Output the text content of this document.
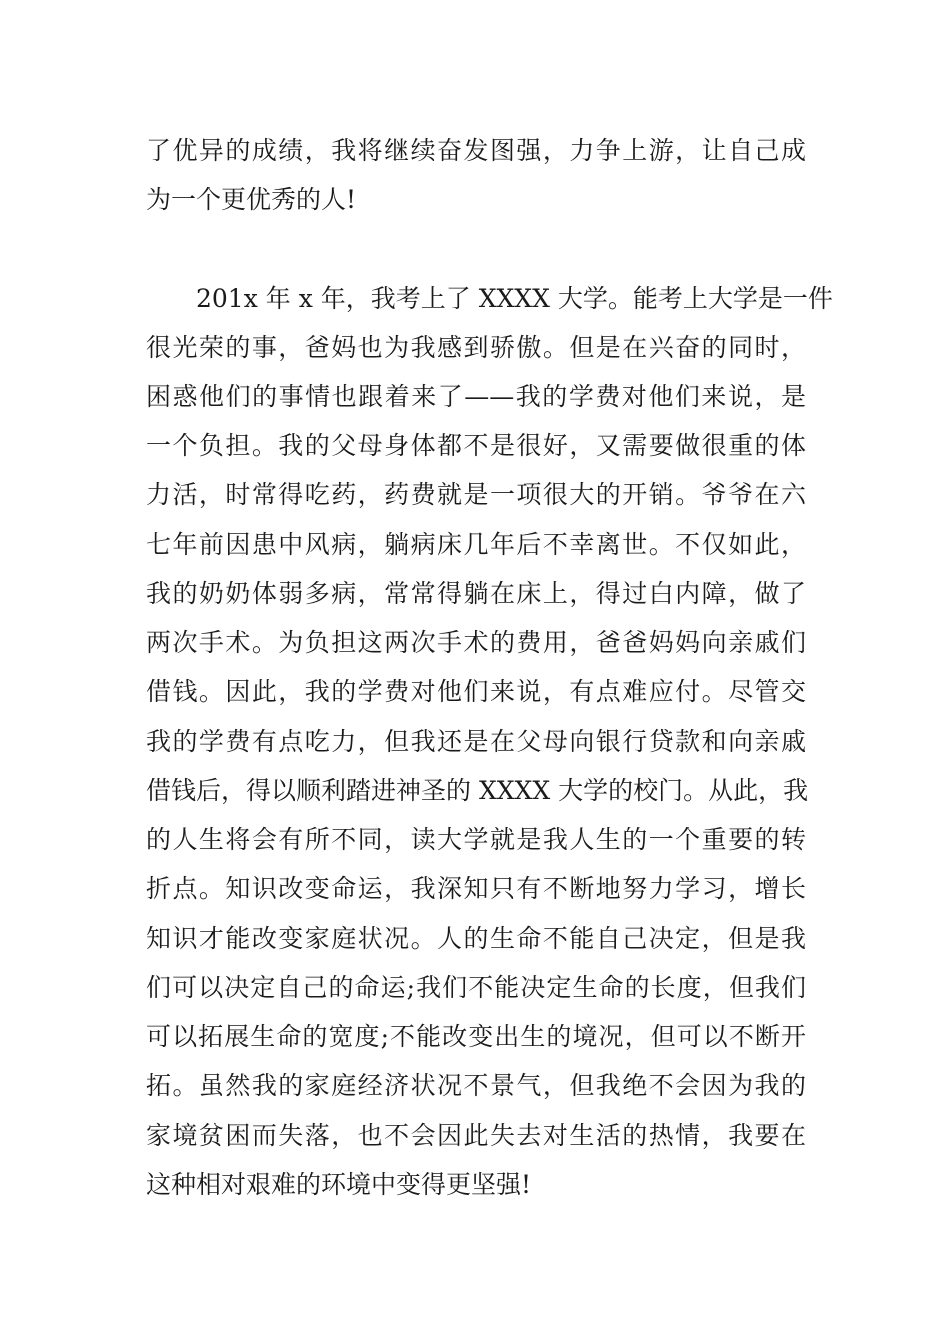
了优异的成绩，我将继续奋发图强，力争上游，让自己成
为一个更优秀的人!
201x 年 x 年，我考上了 XXXX 大学。能考上大学是一件
很光荣的事，爸妈也为我感到骄傲。但是在兴奋的同时，
困惑他们的事情也跟着来了——我的学费对他们来说，是
一个负担。我的父母身体都不是很好，又需要做很重的体
力活，时常得吃药，药费就是一项很大的开销。爷爷在六
七年前因患中风病，躺病床几年后不幸离世。不仅如此，
我的奶奶体弱多病，常常得躺在床上，得过白内障，做了
两次手术。为负担这两次手术的费用，爸爸妈妈向亲戚们
借钱。因此，我的学费对他们来说，有点难应付。尽管交
我的学费有点吃力，但我还是在父母向银行贷款和向亲戚
借钱后，得以顺利踏进神圣的 XXXX 大学的校门。从此，我
的人生将会有所不同，读大学就是我人生的一个重要的转
折点。知识改变命运，我深知只有不断地努力学习，增长
知识才能改变家庭状况。人的生命不能自己决定，但是我
们可以决定自己的命运;我们不能决定生命的长度，但我们
可以拓展生命的宽度;不能改变出生的境况，但可以不断开
拓。虽然我的家庭经济状况不景气，但我绝不会因为我的
家境贫困而失落，也不会因此失去对生活的热情，我要在
这种相对艰难的环境中变得更坚强!
